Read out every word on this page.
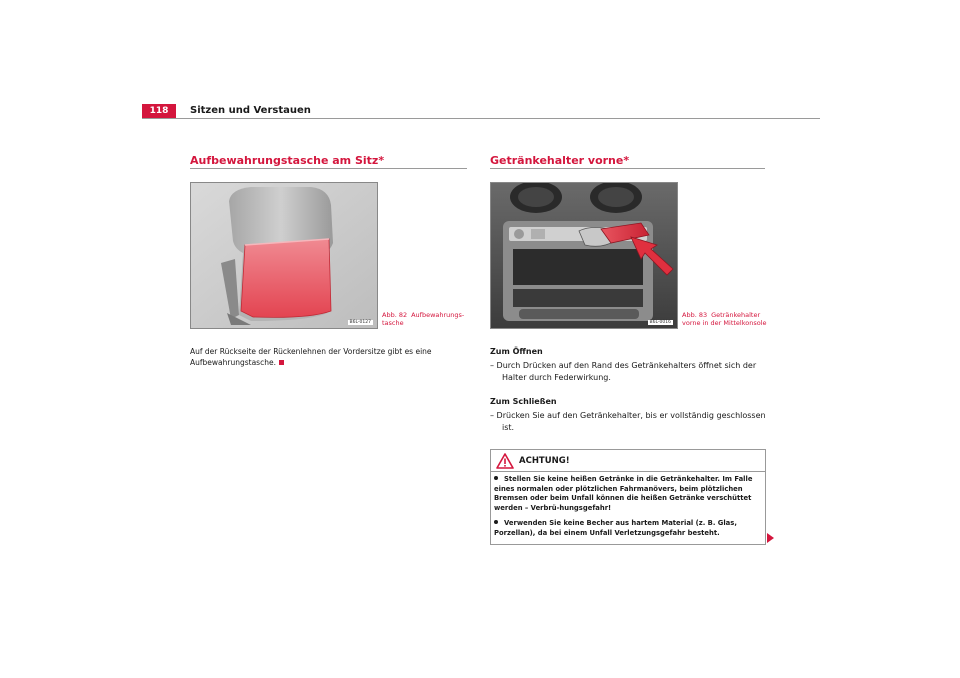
118	Sitzen und Verstauen
Aufbewahrungstasche am Sitz*
B6L-0127
Abb. 82 Aufbewahrungs-
tasche
Auf der Rückseite der Rückenlehnen der Vordersitze gibt es eine Aufbewahrungstasche.
Getränkehalter vorne*
B6L-0016
Abb. 83 Getränkehalter
vorne in der Mittelkonsole
Zum Öffnen
– Durch Drücken auf den Rand des Getränkehalters öffnet sich der Halter durch Federwirkung.
Zum Schließen
– Drücken Sie auf den Getränkehalter, bis er vollständig geschlossen ist.
ACHTUNG!
Stellen Sie keine heißen Getränke in die Getränkehalter. Im Falle eines normalen oder plötzlichen Fahrmanövers, beim plötzlichen Bremsen oder beim Unfall können die heißen Getränke verschüttet werden – Verbrü-hungsgefahr!
Verwenden Sie keine Becher aus hartem Material (z. B. Glas, Porzellan), da bei einem Unfall Verletzungsgefahr besteht.
